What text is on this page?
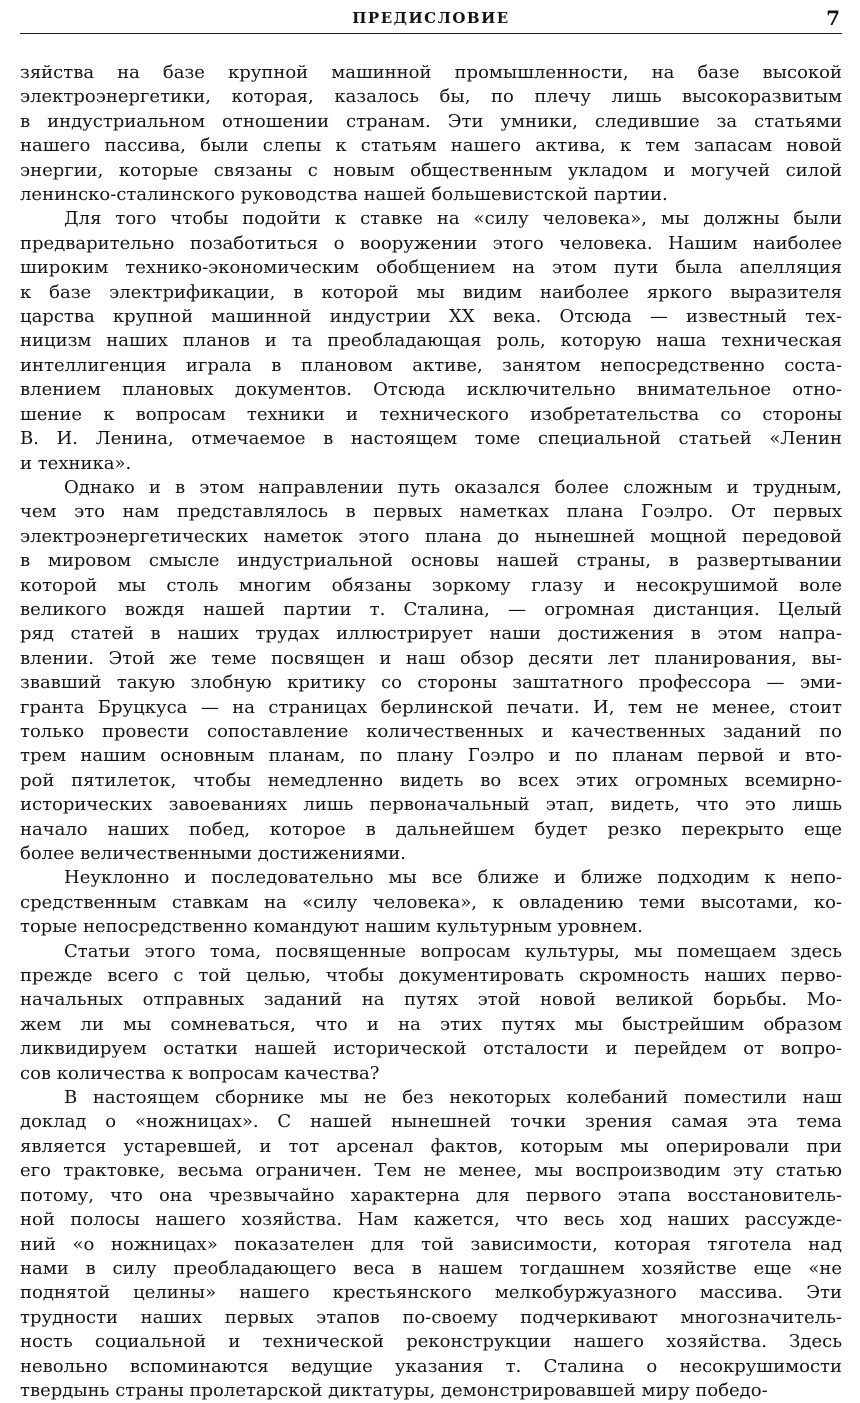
ПРЕДИСЛОВИЕ	7

зяйства на базе крупной машинной промышленности, на базе высокой
электроэнергетики, которая, казалось бы, по плечу лишь высокоразвитым
в индустриальном отношении странам. Эти умники, следившие за статьями
нашего пассива, были слепы к статьям нашего актива, к тем запасам новой
энергии, которые связаны с новым общественным укладом и могучей силой
ленинско-сталинского руководства нашей большевистской партии.

Для того чтобы подойти к ставке на «силу человека», мы должны были
предварительно позаботиться о вооружении этого человека. Нашим наиболее
широким технико-экономическим обобщением на этом пути была апелляция
к базе электрификации, в которой мы видим наиболее яркого выразителя
царства крупной машинной индустрии XX века. Отсюда — известный тех-
ницизм наших планов и та преобладающая роль, которую наша техническая
интеллигенция играла в плановом активе, занятом непосредственно соста-
влением плановых документов. Отсюда исключительно внимательное отно-
шение к вопросам техники и технического изобретательства со стороны
В. И. Ленина, отмечаемое в настоящем томе специальной статьей «Ленин
и техника».

Однако и в этом направлении путь оказался более сложным и трудным,
чем это нам представлялось в первых наметках плана Гоэлро. От первых
электроэнергетических наметок этого плана до нынешней мощной передовой
в мировом смысле индустриальной основы нашей страны, в развертывании
которой мы столь многим обязаны зоркому глазу и несокрушимой воле
великого вождя нашей партии т. Сталина, — огромная дистанция. Целый
ряд статей в наших трудах иллюстрирует наши достижения в этом напра-
влении. Этой же теме посвящен и наш обзор десяти лет планирования, вы-
звавший такую злобную критику со стороны заштатного профессора — эми-
гранта Бруцкуса — на страницах берлинской печати. И, тем не менее, стоит
только провести сопоставление количественных и качественных заданий по
трем нашим основным планам, по плану Гоэлро и по планам первой и вто-
рой пятилеток, чтобы немедленно видеть во всех этих огромных всемирно-
исторических завоеваниях лишь первоначальный этап, видеть, что это лишь
начало наших побед, которое в дальнейшем будет резко перекрыто еще
более величественными достижениями.

Неуклонно и последовательно мы все ближе и ближе подходим к непо-
средственным ставкам на «силу человека», к овладению теми высотами, ко-
торые непосредственно командуют нашим культурным уровнем.

Статьи этого тома, посвященные вопросам культуры, мы помещаем здесь
прежде всего с той целью, чтобы документировать скромность наших перво-
начальных отправных заданий на путях этой новой великой борьбы. Мо-
жем ли мы сомневаться, что и на этих путях мы быстрейшим образом
ликвидируем остатки нашей исторической отсталости и перейдем от вопро-
сов количества к вопросам качества?

В настоящем сборнике мы не без некоторых колебаний поместили наш
доклад о «ножницах». С нашей нынешней точки зрения самая эта тема
является устаревшей, и тот арсенал фактов, которым мы оперировали при
его трактовке, весьма ограничен. Тем не менее, мы воспроизводим эту статью
потому, что она чрезвычайно характерна для первого этапа восстановитель-
ной полосы нашего хозяйства. Нам кажется, что весь ход наших рассужде-
ний «о ножницах» показателен для той зависимости, которая тяготела над
нами в силу преобладающего веса в нашем тогдашнем хозяйстве еще «не
поднятой целины» нашего крестьянского мелкобуржуазного массива. Эти
трудности наших первых этапов по-своему подчеркивают многозначитель-
ность социальной и технической реконструкции нашего хозяйства. Здесь
невольно вспоминаются ведущие указания т. Сталина о несокрушимости
твердынь страны пролетарской диктатуры, демонстрировавшей миру победо-
